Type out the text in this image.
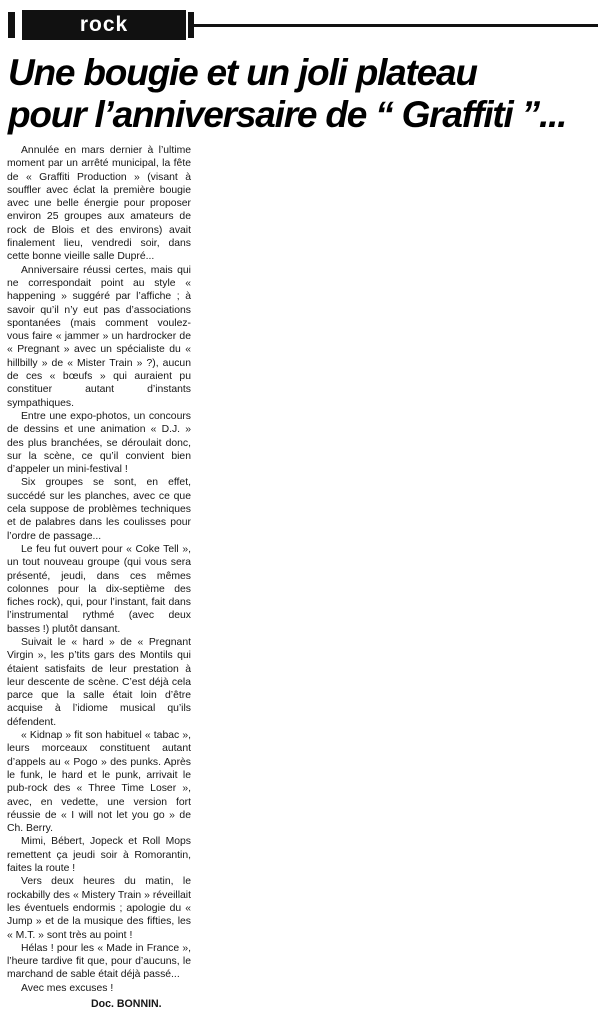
rock
Une bougie et un joli plateau
pour l’anniversaire de “ Graffiti ”...

Annulée en mars dernier à l’ultime moment par un arrêté municipal, la fête de « Graffiti Production » (visant à souffler avec éclat la première bougie avec une belle énergie pour proposer environ 25 groupes aux amateurs de rock de Blois et des environs) avait finalement lieu, vendredi soir, dans cette bonne vieille salle Dupré...

Anniversaire réussi certes, mais qui ne correspondait point au style « happening » suggéré par l’affiche ; à savoir qu’il n’y eut pas d’associations spontanées (mais comment voulez-vous faire « jammer » un hardrocker de « Pregnant » avec un spécialiste du « hillbilly » de « Mister Train » ?), aucun de ces « bœufs » qui auraient pu constituer autant d’instants sympathiques.

Entre une expo-photos, un concours de dessins et une animation « D.J. » des plus branchées, se déroulait donc, sur la scène, ce qu’il convient bien d’appeler un mini-festival !

Six groupes se sont, en effet, succédé sur les planches, avec ce que cela suppose de problèmes techniques et de palabres dans les coulisses pour l’ordre de passage...

Le feu fut ouvert pour « Coke Tell », un tout nouveau groupe (qui vous sera présenté, jeudi, dans ces mêmes colonnes pour la dix-septième des fiches rock), qui, pour l’instant, fait dans l’instrumental rythmé (avec deux basses !) plutôt dansant.

Suivait le « hard » de « Pregnant Virgin », les p’tits gars des Montils qui étaient satisfaits de leur prestation à leur descente de scène. C’est déjà cela parce que la salle était loin d’être acquise à l’idiome musical qu’ils défendent.

« Kidnap » fit son habituel « tabac », leurs morceaux constituent autant d’appels au « Pogo » des punks. Après le funk, le hard et le punk, arrivait le pub-rock des « Three Time Loser », avec, en vedette, une version fort réussie de « I will not let you go » de Ch. Berry.

Mimi, Bébert, Jopeck et Roll Mops remettent ça jeudi soir à Romorantin, faites la route !

Vers deux heures du matin, le rockabilly des « Mistery Train » réveillait les éventuels endormis ; apologie du « Jump » et de la musique des fifties, les « M.T. » sont très au point !

Hélas ! pour les « Made in France », l’heure tardive fit que, pour d’aucuns, le marchand de sable était déjà passé...

Avec mes excuses !

Doc. BONNIN.
